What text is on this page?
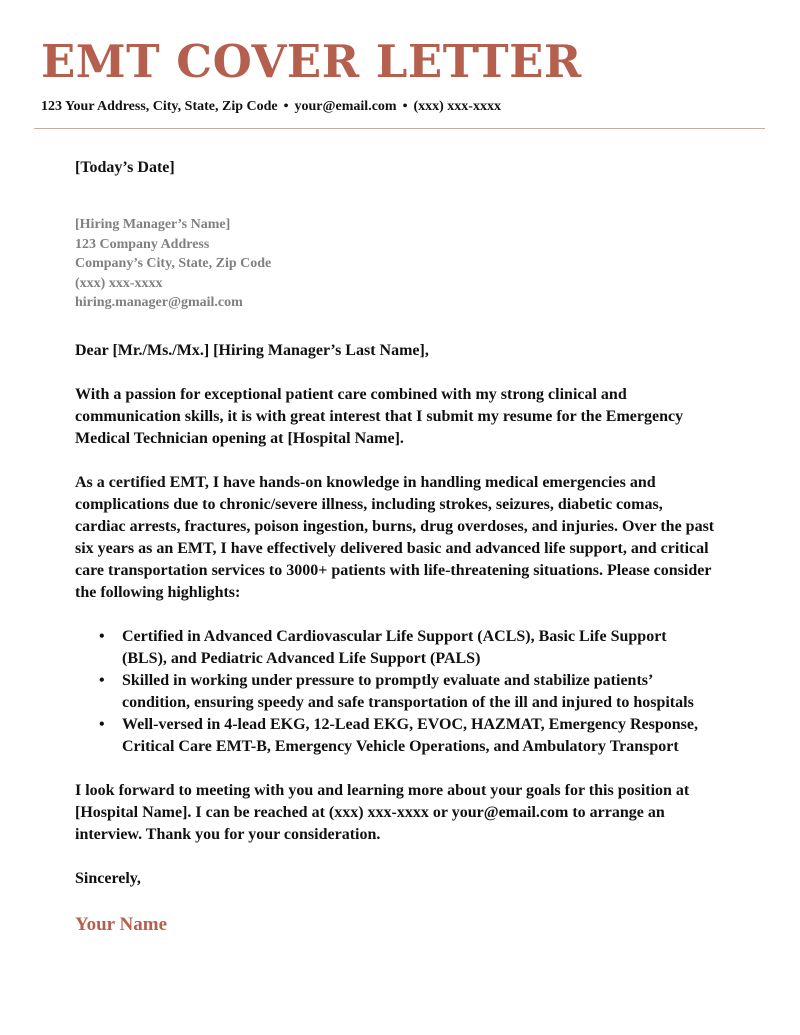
EMT COVER LETTER
123 Your Address, City, State, Zip Code • your@email.com • (xxx) xxx-xxxx

[Today’s Date]

[Hiring Manager’s Name]
123 Company Address
Company’s City, State, Zip Code
(xxx) xxx-xxxx
hiring.manager@gmail.com

Dear [Mr./Ms./Mx.] [Hiring Manager’s Last Name],

With a passion for exceptional patient care combined with my strong clinical and communication skills, it is with great interest that I submit my resume for the Emergency Medical Technician opening at [Hospital Name].

As a certified EMT, I have hands-on knowledge in handling medical emergencies and complications due to chronic/severe illness, including strokes, seizures, diabetic comas, cardiac arrests, fractures, poison ingestion, burns, drug overdoses, and injuries. Over the past six years as an EMT, I have effectively delivered basic and advanced life support, and critical care transportation services to 3000+ patients with life-threatening situations. Please consider the following highlights:

• Certified in Advanced Cardiovascular Life Support (ACLS), Basic Life Support (BLS), and Pediatric Advanced Life Support (PALS)
• Skilled in working under pressure to promptly evaluate and stabilize patients’ condition, ensuring speedy and safe transportation of the ill and injured to hospitals
• Well-versed in 4-lead EKG, 12-Lead EKG, EVOC, HAZMAT, Emergency Response, Critical Care EMT-B, Emergency Vehicle Operations, and Ambulatory Transport

I look forward to meeting with you and learning more about your goals for this position at [Hospital Name]. I can be reached at (xxx) xxx-xxxx or your@email.com to arrange an interview. Thank you for your consideration.

Sincerely,

Your Name
